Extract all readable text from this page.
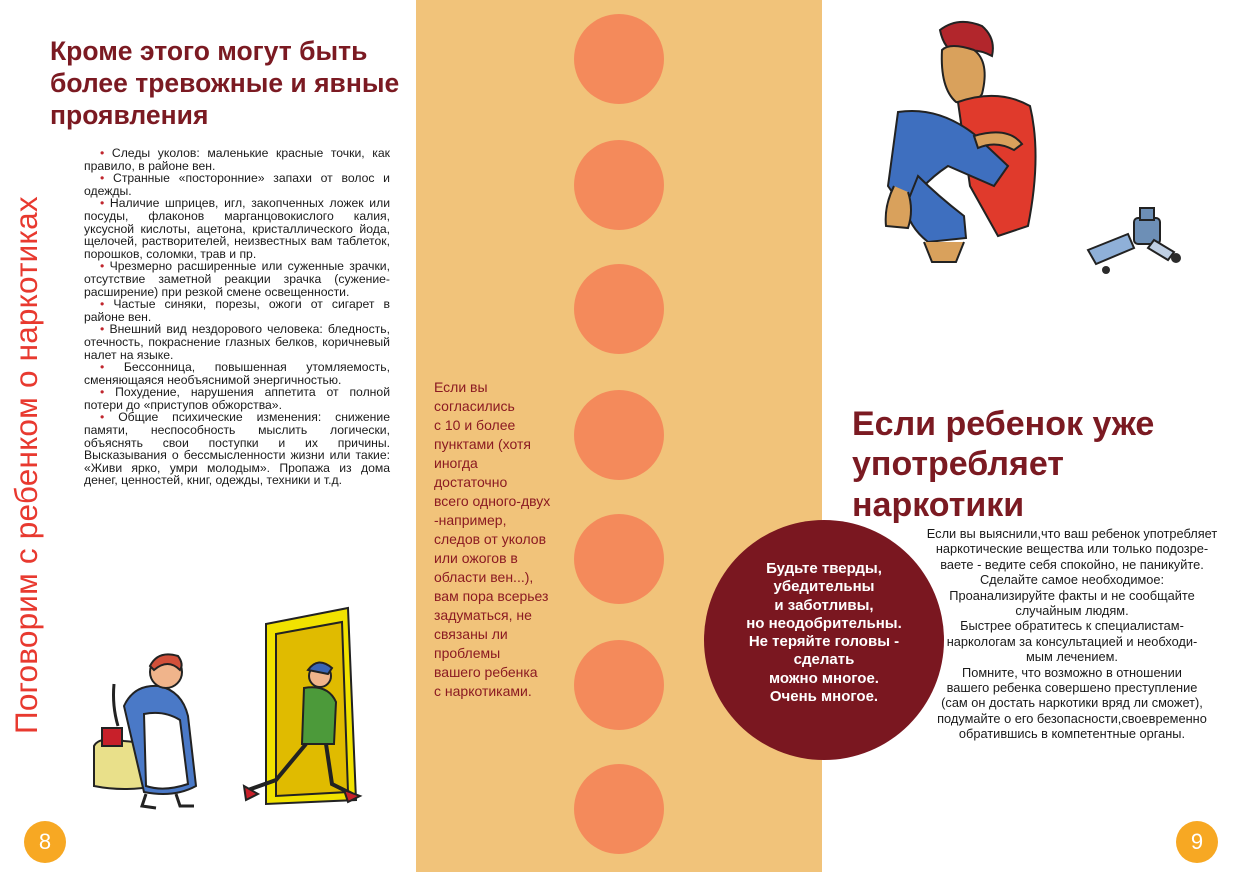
Поговорим с ребенком о наркотиках
Кроме этого могут быть более тревожные и явные проявления

• Следы уколов: маленькие красные точки, как правило, в районе вен.

• Странные «посторонние» запахи от волос и одежды.

• Наличие шприцев, игл, закопченных ложек или посуды, флаконов марганцовокислого калия, уксусной кислоты, ацетона, кристаллического йода, щелочей, растворителей, неизвестных вам таблеток, порошков, соломки, трав и пр.

• Чрезмерно расширенные или суженные зрачки, отсутствие заметной реакции зрачка (сужение-расширение) при резкой смене освещенности.

• Частые синяки, порезы, ожоги от сигарет в районе вен.

• Внешний вид нездорового человека: бледность, отечность, покраснение глазных белков, коричневый налет на языке.

• Бессонница, повышенная утомляемость, сменяющаяся необъяснимой энергичностью.

• Похудение, нарушения аппетита от полной потери до «приступов обжорства».

• Общие психические изменения: снижение памяти, неспособность мыслить логически, объяснять свои поступки и их причины. Высказывания о бессмысленности жизни или такие: «Живи ярко, умри молодым». Пропажа из дома денег, ценностей, книг, одежды, техники и т.д.

8

Если вы
согласились
с 10 и более
пунктами (хотя
иногда
достаточно
всего одного-двух
-например,
следов от уколов
или ожогов в
области вен...),
вам пора всерьез
задуматься, не
связаны ли
проблемы
вашего ребенка
с наркотиками.

Если ребенок уже употребляет наркотики

Будьте тверды,
убедительны
и заботливы,
но неодобрительны.
Не теряйте головы -
сделать
можно многое.
Очень многое.

Если вы выяснили,что ваш ребенок употребляет

наркотические вещества или только подозре-

ваете - ведите себя спокойно, не паникуйте.

Сделайте самое необходимое:

Проанализируйте факты и не сообщайте

случайным людям.

Быстрее обратитесь к специалистам-

наркологам за консультацией и необходи-

мым лечением.

Помните, что возможно в отношении

вашего ребенка совершено преступление

(сам он достать наркотики вряд ли сможет),

подумайте о его безопасности,своевременно

обратившись в компетентные органы.

9
